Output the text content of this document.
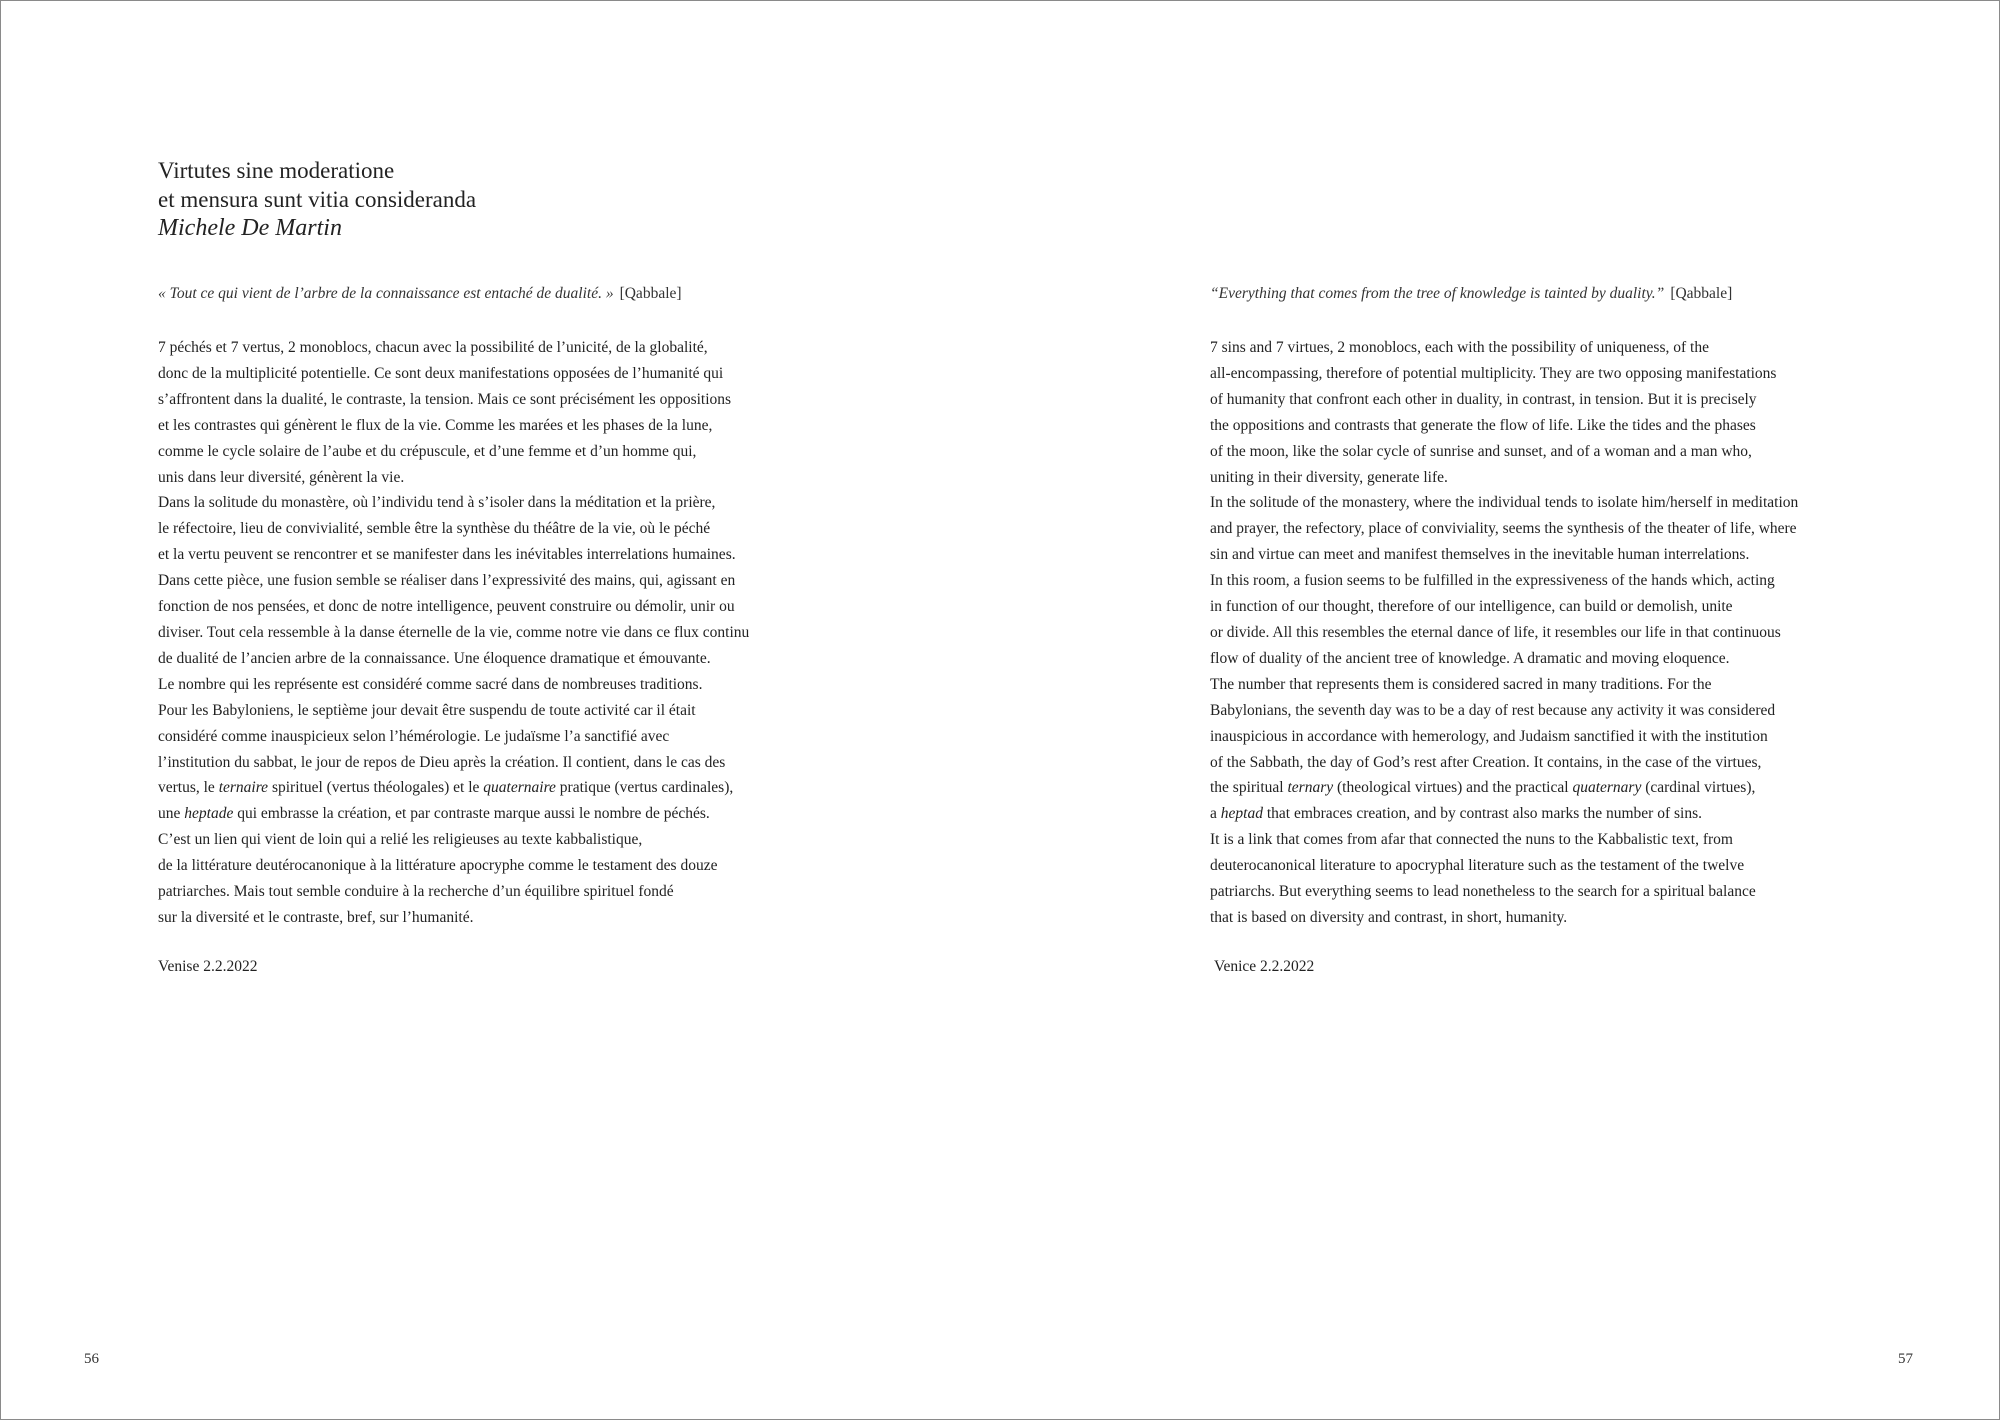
Virtutes sine moderatione
et mensura sunt vitia consideranda
Michele De Martin
« Tout ce qui vient de l’arbre de la connaissance est entaché de dualité. » [Qabbale]
7 péchés et 7 vertus, 2 monoblocs, chacun avec la possibilité de l’unicité, de la globalité,
donc de la multiplicité potentielle. Ce sont deux manifestations opposées de l’humanité qui
s’affrontent dans la dualité, le contraste, la tension. Mais ce sont précisément les oppositions
et les contrastes qui génèrent le flux de la vie. Comme les marées et les phases de la lune,
comme le cycle solaire de l’aube et du crépuscule, et d’une femme et d’un homme qui,
unis dans leur diversité, génèrent la vie.
Dans la solitude du monastère, où l’individu tend à s’isoler dans la méditation et la prière,
le réfectoire, lieu de convivialité, semble être la synthèse du théâtre de la vie, où le péché
et la vertu peuvent se rencontrer et se manifester dans les inévitables interrelations humaines.
Dans cette pièce, une fusion semble se réaliser dans l’expressivité des mains, qui, agissant en
fonction de nos pensées, et donc de notre intelligence, peuvent construire ou démolir, unir ou
diviser. Tout cela ressemble à la danse éternelle de la vie, comme notre vie dans ce flux continu
de dualité de l’ancien arbre de la connaissance. Une éloquence dramatique et émouvante.
Le nombre qui les représente est considéré comme sacré dans de nombreuses traditions.
Pour les Babyloniens, le septième jour devait être suspendu de toute activité car il était
considéré comme inauspicieux selon l’hémérologie. Le judaïsme l’a sanctifié avec
l’institution du sabbat, le jour de repos de Dieu après la création. Il contient, dans le cas des
vertus, le ternaire spirituel (vertus théologales) et le quaternaire pratique (vertus cardinales),
une heptade qui embrasse la création, et par contraste marque aussi le nombre de péchés.
C’est un lien qui vient de loin qui a relié les religieuses au texte kabbalistique,
de la littérature deutérocanonique à la littérature apocryphe comme le testament des douze
patriarches. Mais tout semble conduire à la recherche d’un équilibre spirituel fondé
sur la diversité et le contraste, bref, sur l’humanité.
Venise 2.2.2022
56
“Everything that comes from the tree of knowledge is tainted by duality.” [Qabbale]
7 sins and 7 virtues, 2 monoblocs, each with the possibility of uniqueness, of the
all-encompassing, therefore of potential multiplicity. They are two opposing manifestations
of humanity that confront each other in duality, in contrast, in tension. But it is precisely
the oppositions and contrasts that generate the flow of life. Like the tides and the phases
of the moon, like the solar cycle of sunrise and sunset, and of a woman and a man who,
uniting in their diversity, generate life.
In the solitude of the monastery, where the individual tends to isolate him/herself in meditation
and prayer, the refectory, place of conviviality, seems the synthesis of the theater of life, where
sin and virtue can meet and manifest themselves in the inevitable human interrelations.
In this room, a fusion seems to be fulfilled in the expressiveness of the hands which, acting
in function of our thought, therefore of our intelligence, can build or demolish, unite
or divide. All this resembles the eternal dance of life, it resembles our life in that continuous
flow of duality of the ancient tree of knowledge. A dramatic and moving eloquence.
The number that represents them is considered sacred in many traditions. For the
Babylonians, the seventh day was to be a day of rest because any activity it was considered
inauspicious in accordance with hemerology, and Judaism sanctified it with the institution
of the Sabbath, the day of God’s rest after Creation. It contains, in the case of the virtues,
the spiritual ternary (theological virtues) and the practical quaternary (cardinal virtues),
a heptad that embraces creation, and by contrast also marks the number of sins.
It is a link that comes from afar that connected the nuns to the Kabbalistic text, from
deuterocanonical literature to apocryphal literature such as the testament of the twelve
patriarchs. But everything seems to lead nonetheless to the search for a spiritual balance
that is based on diversity and contrast, in short, humanity.
Venice 2.2.2022
57
